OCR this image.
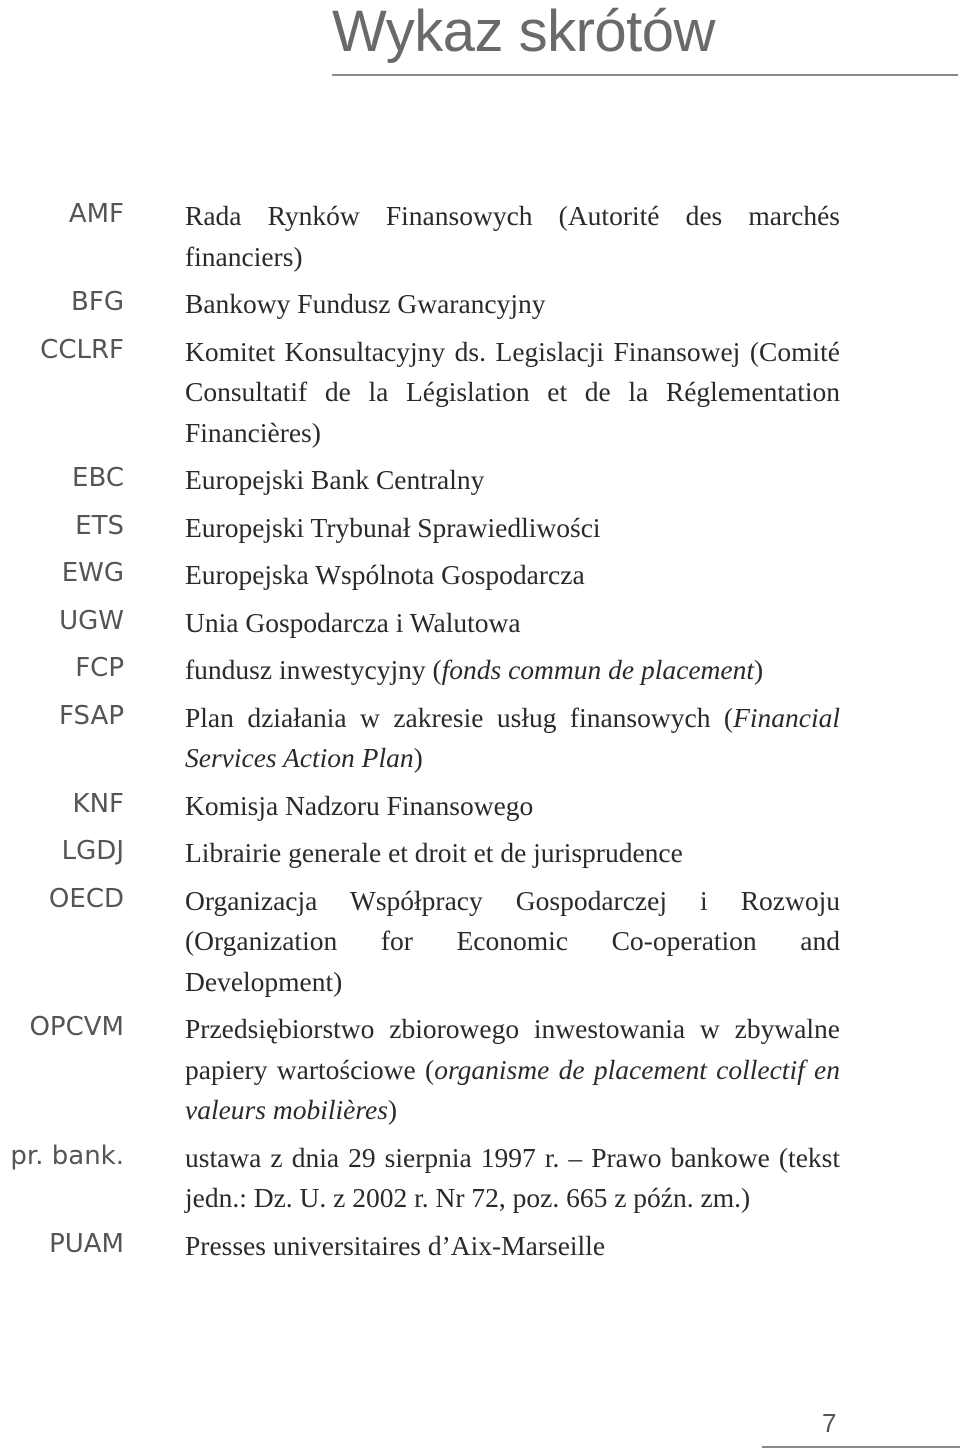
Wykaz skrótów
AMF Rada Rynków Finansowych (Autorité des marchés financiers)
BFG Bankowy Fundusz Gwarancyjny
CCLRF Komitet Konsultacyjny ds. Legislacji Finansowej (Comité Consultatif de la Législation et de la Réglementation Financières)
EBC Europejski Bank Centralny
ETS Europejski Trybunał Sprawiedliwości
EWG Europejska Wspólnota Gospodarcza
UGW Unia Gospodarcza i Walutowa
FCP fundusz inwestycyjny (fonds commun de placement)
FSAP Plan działania w zakresie usług finansowych (Financial Services Action Plan)
KNF Komisja Nadzoru Finansowego
LGDJ Librairie generale et droit et de jurisprudence
OECD Organizacja Współpracy Gospodarczej i Rozwoju (Organization for Economic Co-operation and Development)
OPCVM Przedsiębiorstwo zbiorowego inwestowania w zbywalne papiery wartościowe (organisme de placement collectif en valeurs mobilières)
pr. bank. ustawa z dnia 29 sierpnia 1997 r. – Prawo bankowe (tekst jedn.: Dz. U. z 2002 r. Nr 72, poz. 665 z późn. zm.)
PUAM Presses universitaires d’Aix-Marseille
7
